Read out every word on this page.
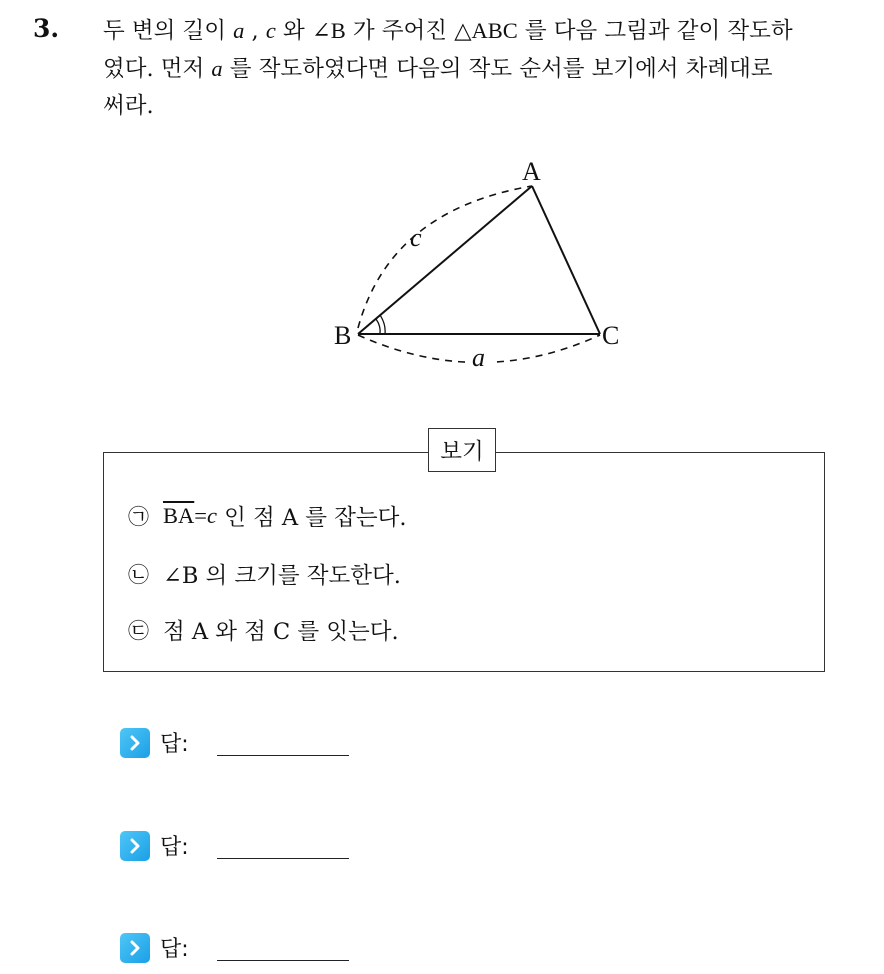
3. 두 변의 길이 a , c 와 ∠B 가 주어진 △ABC 를 다음 그림과 같이 작도하
였다. 먼저 a 를 작도하였다면 다음의 작도 순서를 보기에서 차례대로
써라.
A
B	C
c
a
보기
㉠ $\overline{BA} = c$ 인 점 A 를 잡는다.
㉡ ∠B 의 크기를 작도한다.
㉢ 점 A 와 점 C 를 잇는다.
답:
답:
답:
